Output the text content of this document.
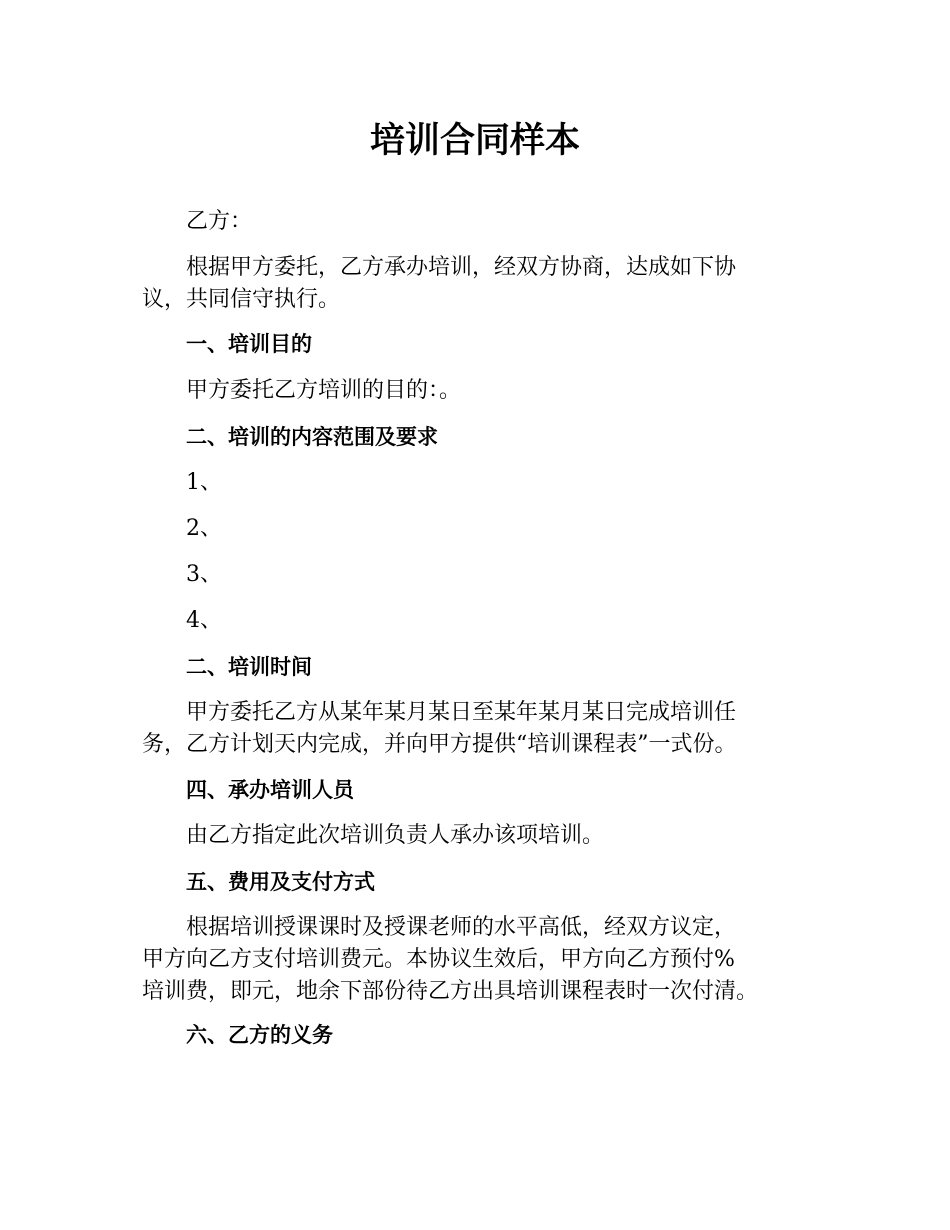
培训合同样本

乙方：

根据甲方委托，乙方承办培训，经双方协商，达成如下协

议，共同信守执行。

一、培训目的

甲方委托乙方培训的目的：。

二、培训的内容范围及要求

1、

2、

3、

4、

二、培训时间

甲方委托乙方从某年某月某日至某年某月某日完成培训任

务，乙方计划天内完成，并向甲方提供“培训课程表”一式份。

四、承办培训人员

由乙方指定此次培训负责人承办该项培训。

五、费用及支付方式

根据培训授课课时及授课老师的水平高低，经双方议定，

甲方向乙方支付培训费元。本协议生效后，甲方向乙方预付%

培训费，即元，地余下部份待乙方出具培训课程表时一次付清。

六、乙方的义务
